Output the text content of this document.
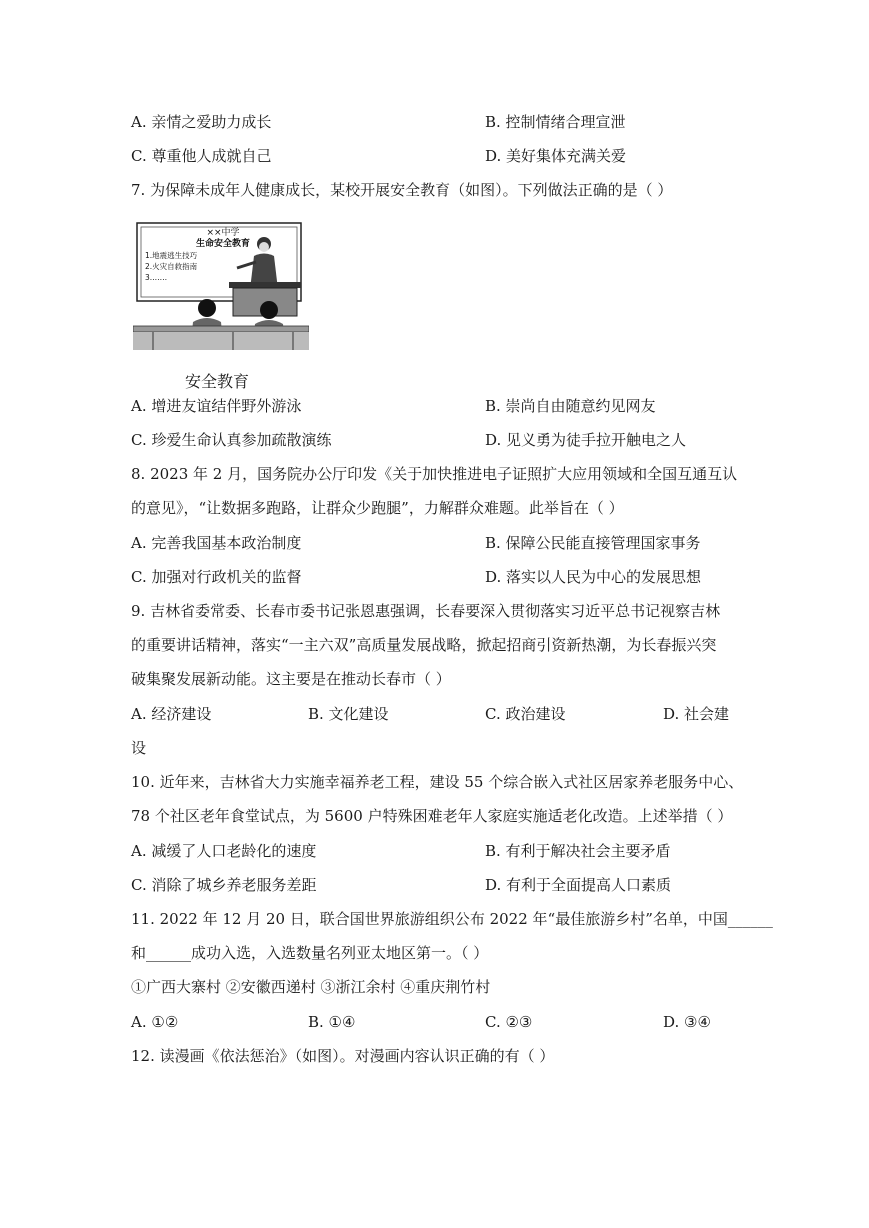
A. 亲情之爱助力成长	B. 控制情绪合理宣泄
C. 尊重他人成就自己	D. 美好集体充满关爱
7. 为保障未成年人健康成长，某校开展安全教育（如图）。下列做法正确的是（ ）
××中学
生命安全教育
1.地震逃生技巧
2.火灾自救指南
3.……
安全教育
A. 增进友谊结伴野外游泳	B. 崇尚自由随意约见网友
C. 珍爱生命认真参加疏散演练	D. 见义勇为徒手拉开触电之人
8. 2023 年 2 月，国务院办公厅印发《关于加快推进电子证照扩大应用领域和全国互通互认
的意见》，“让数据多跑路，让群众少跑腿”，力解群众难题。此举旨在（ ）
A. 完善我国基本政治制度	B. 保障公民能直接管理国家事务
C. 加强对行政机关的监督	D. 落实以人民为中心的发展思想
9. 吉林省委常委、长春市委书记张恩惠强调，长春要深入贯彻落实习近平总书记视察吉林
的重要讲话精神，落实“一主六双”高质量发展战略，掀起招商引资新热潮，为长春振兴突
破集聚发展新动能。这主要是在推动长春市（ ）
A. 经济建设	B. 文化建设	C. 政治建设	D. 社会建
设
10. 近年来，吉林省大力实施幸福养老工程，建设 55 个综合嵌入式社区居家养老服务中心、
78 个社区老年食堂试点，为 5600 户特殊困难老年人家庭实施适老化改造。上述举措（ ）
A. 减缓了人口老龄化的速度	B. 有利于解决社会主要矛盾
C. 消除了城乡养老服务差距	D. 有利于全面提高人口素质
11. 2022 年 12 月 20 日，联合国世界旅游组织公布 2022 年“最佳旅游乡村”名单，中国______
和______成功入选，入选数量名列亚太地区第一。（ ）
①广西大寨村 ②安徽西递村 ③浙江余村 ④重庆荆竹村
A. ①②	B. ①④	C. ②③	D. ③④
12. 读漫画《依法惩治》（如图）。对漫画内容认识正确的有（ ）
